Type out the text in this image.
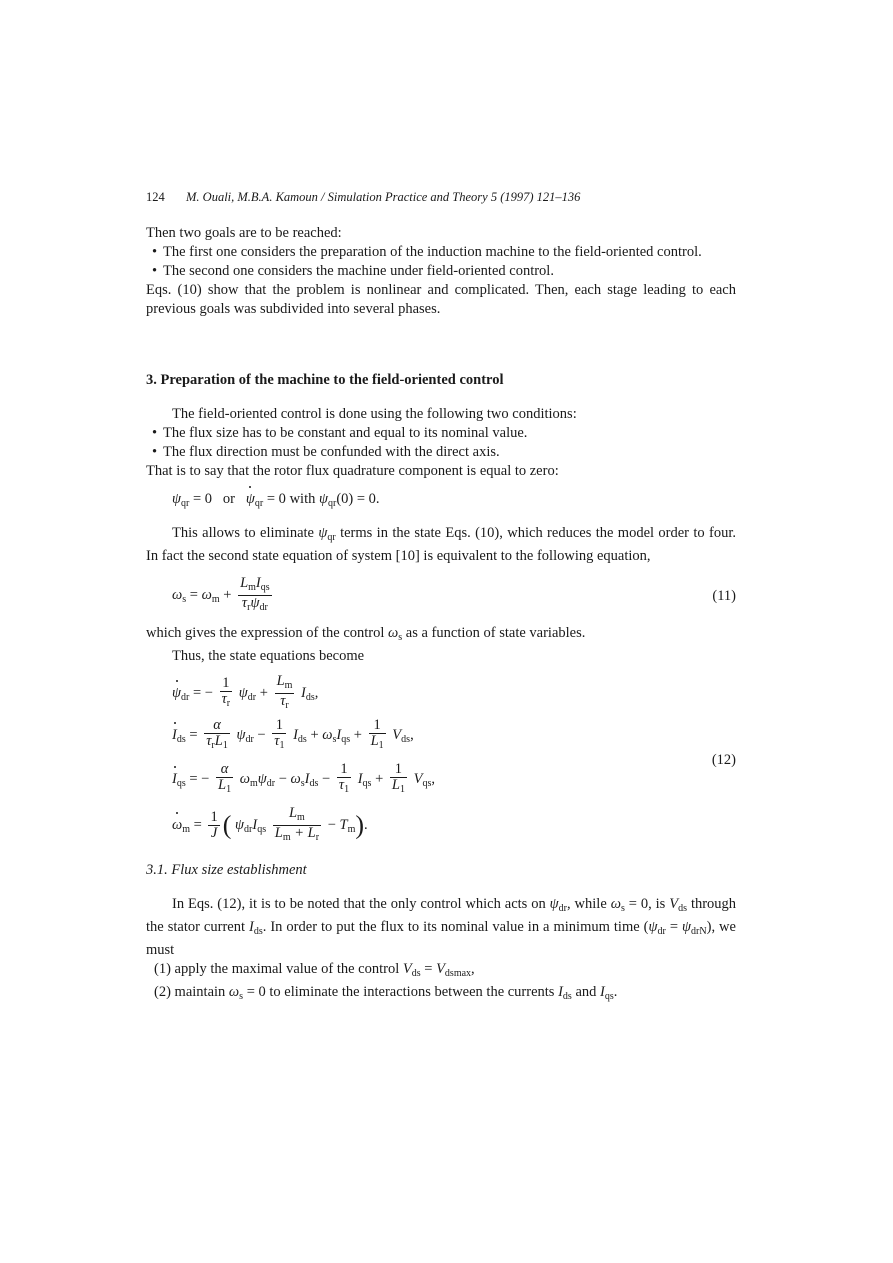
124 M. Ouali, M.B.A. Kamoun / Simulation Practice and Theory 5 (1997) 121–136

Then two goals are to be reached:

• The first one considers the preparation of the induction machine to the field-oriented control.
• The second one considers the machine under field-oriented control.

Eqs. (10) show that the problem is nonlinear and complicated. Then, each stage leading to each previous goals was subdivided into several phases.

3. Preparation of the machine to the field-oriented control

The field-oriented control is done using the following two conditions:

• The flux size has to be constant and equal to its nominal value.
• The flux direction must be confunded with the direct axis.

That is to say that the rotor flux quadrature component is equal to zero:

$\psi_{qr} = 0$   or $\psi_{qr} = 0$ with $\psi_{qr}(0) = 0$.

This allows to eliminate $\psi_{qr}$ terms in the state Eqs. (10), which reduces the model order to four. In fact the second state equation of system [10] is equivalent to the following equation,

$\omega_s = \omega_m + \frac{L_mI_{qs}}{\tau_r\psi_{dr}}$	(11)

which gives the expression of the control $\omega_s$ as a function of state variables.

Thus, the state equations become

$\psi_{dr}$ = − $\frac{1}{\tau_r} \psi_{dr} + \frac{L_m}{\tau_r} I_{ds}$,
$I_{ds} = \frac{\alpha}{\tau_rL_1} \psi_{dr} - \frac{1}{\tau_1} I_{ds} + \omega_sI_{qs} + \frac{1}{L_1} V_{ds}$,
$I_{qs}$ = − $\frac{\alpha}{L_1} \omega_m\psi_{dr} - \omega_sI_{ds} - \frac{1}{\tau_1} I_{qs} + \frac{1}{L_1} V_{qs}$,
$\omega_m = \frac{1}{J}$ ( $\psi_{dr}I_{qs} \frac{L_m}{L_m + L_r} - T_m$).
(12)
3.1. Flux size establishment

In Eqs. (12), it is to be noted that the only control which acts on $\psi_{dr}$, while $\omega_s = 0$, is $V_{ds}$ through the stator current $I_{ds}$. In order to put the flux to its nominal value in a minimum time $(\psi_{dr} = \psi_{drN})$, we must

(1) apply the maximal value of the control $V_{ds} = V_{dsmax}$,
(2) maintain $\omega_s = 0$ to eliminate the interactions between the currents $I_{ds}$ and $I_{qs}$.
